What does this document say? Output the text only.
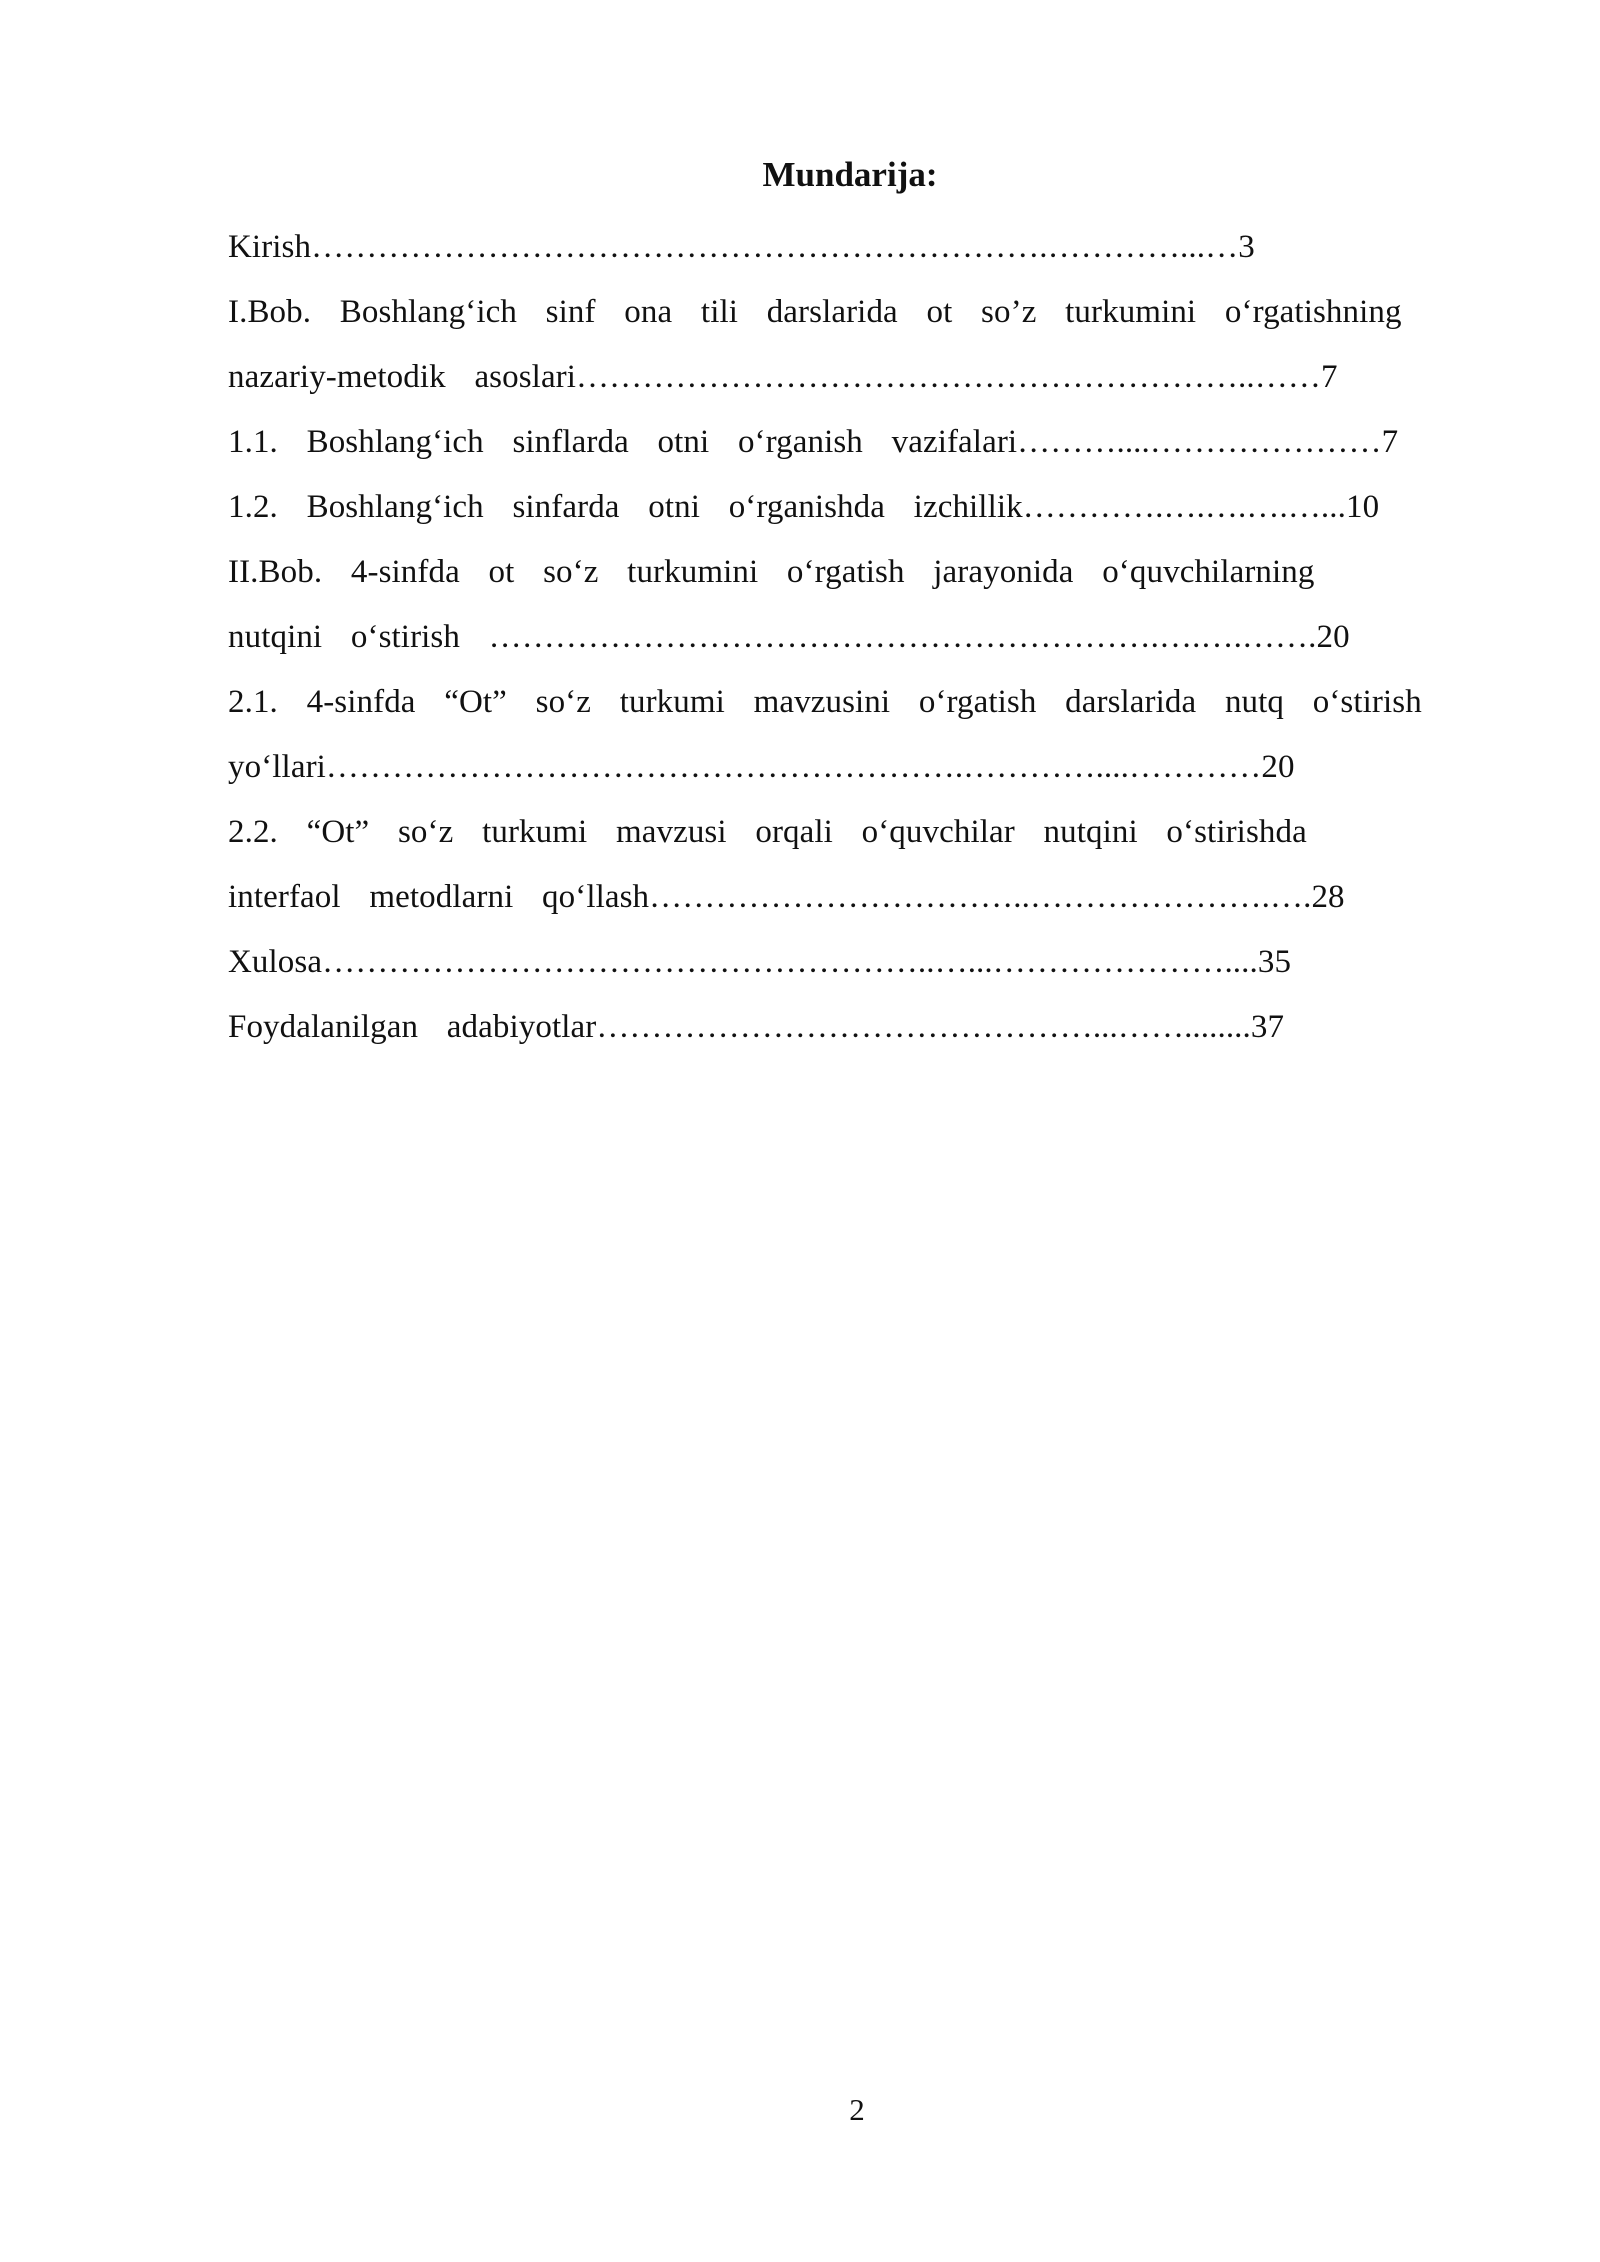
Mundarija:
Kirish………………………………………………………….…………...…3
I.Bob.  Boshlang‘ich  sinf  ona  tili  darslarida  ot  so’z  turkumini  o‘rgatishning
nazariy-metodik  asoslari……………………………………………………..……7
1.1.  Boshlang‘ich  sinflarda  otni  o‘rganish  vazifalari………....…………………7
1.2.  Boshlang‘ich  sinfarda  otni  o‘rganishda  izchillik………….….….….…...10
II.Bob.  4-sinfda  ot  so‘z  turkumini  o‘rgatish  jarayonida  o‘quvchilarning
nutqini  o‘stirish  …………………………………………………….….….…….20
2.1.  4-sinfda  “Ot”  so‘z  turkumi  mavzusini  o‘rgatish  darslarida  nutq  o‘stirish
yo‘llari………………………………………………….…………....…………20
2.2.  “Ot”  so‘z  turkumi  mavzusi  orqali  o‘quvchilar  nutqini  o‘stirishda
interfaol  metodlarni  qo‘llash……………………………..………………….….28
Xulosa………………………………………………..…...…………………....35
Foydalanilgan  adabiyotlar………………………………………...……........37
2
